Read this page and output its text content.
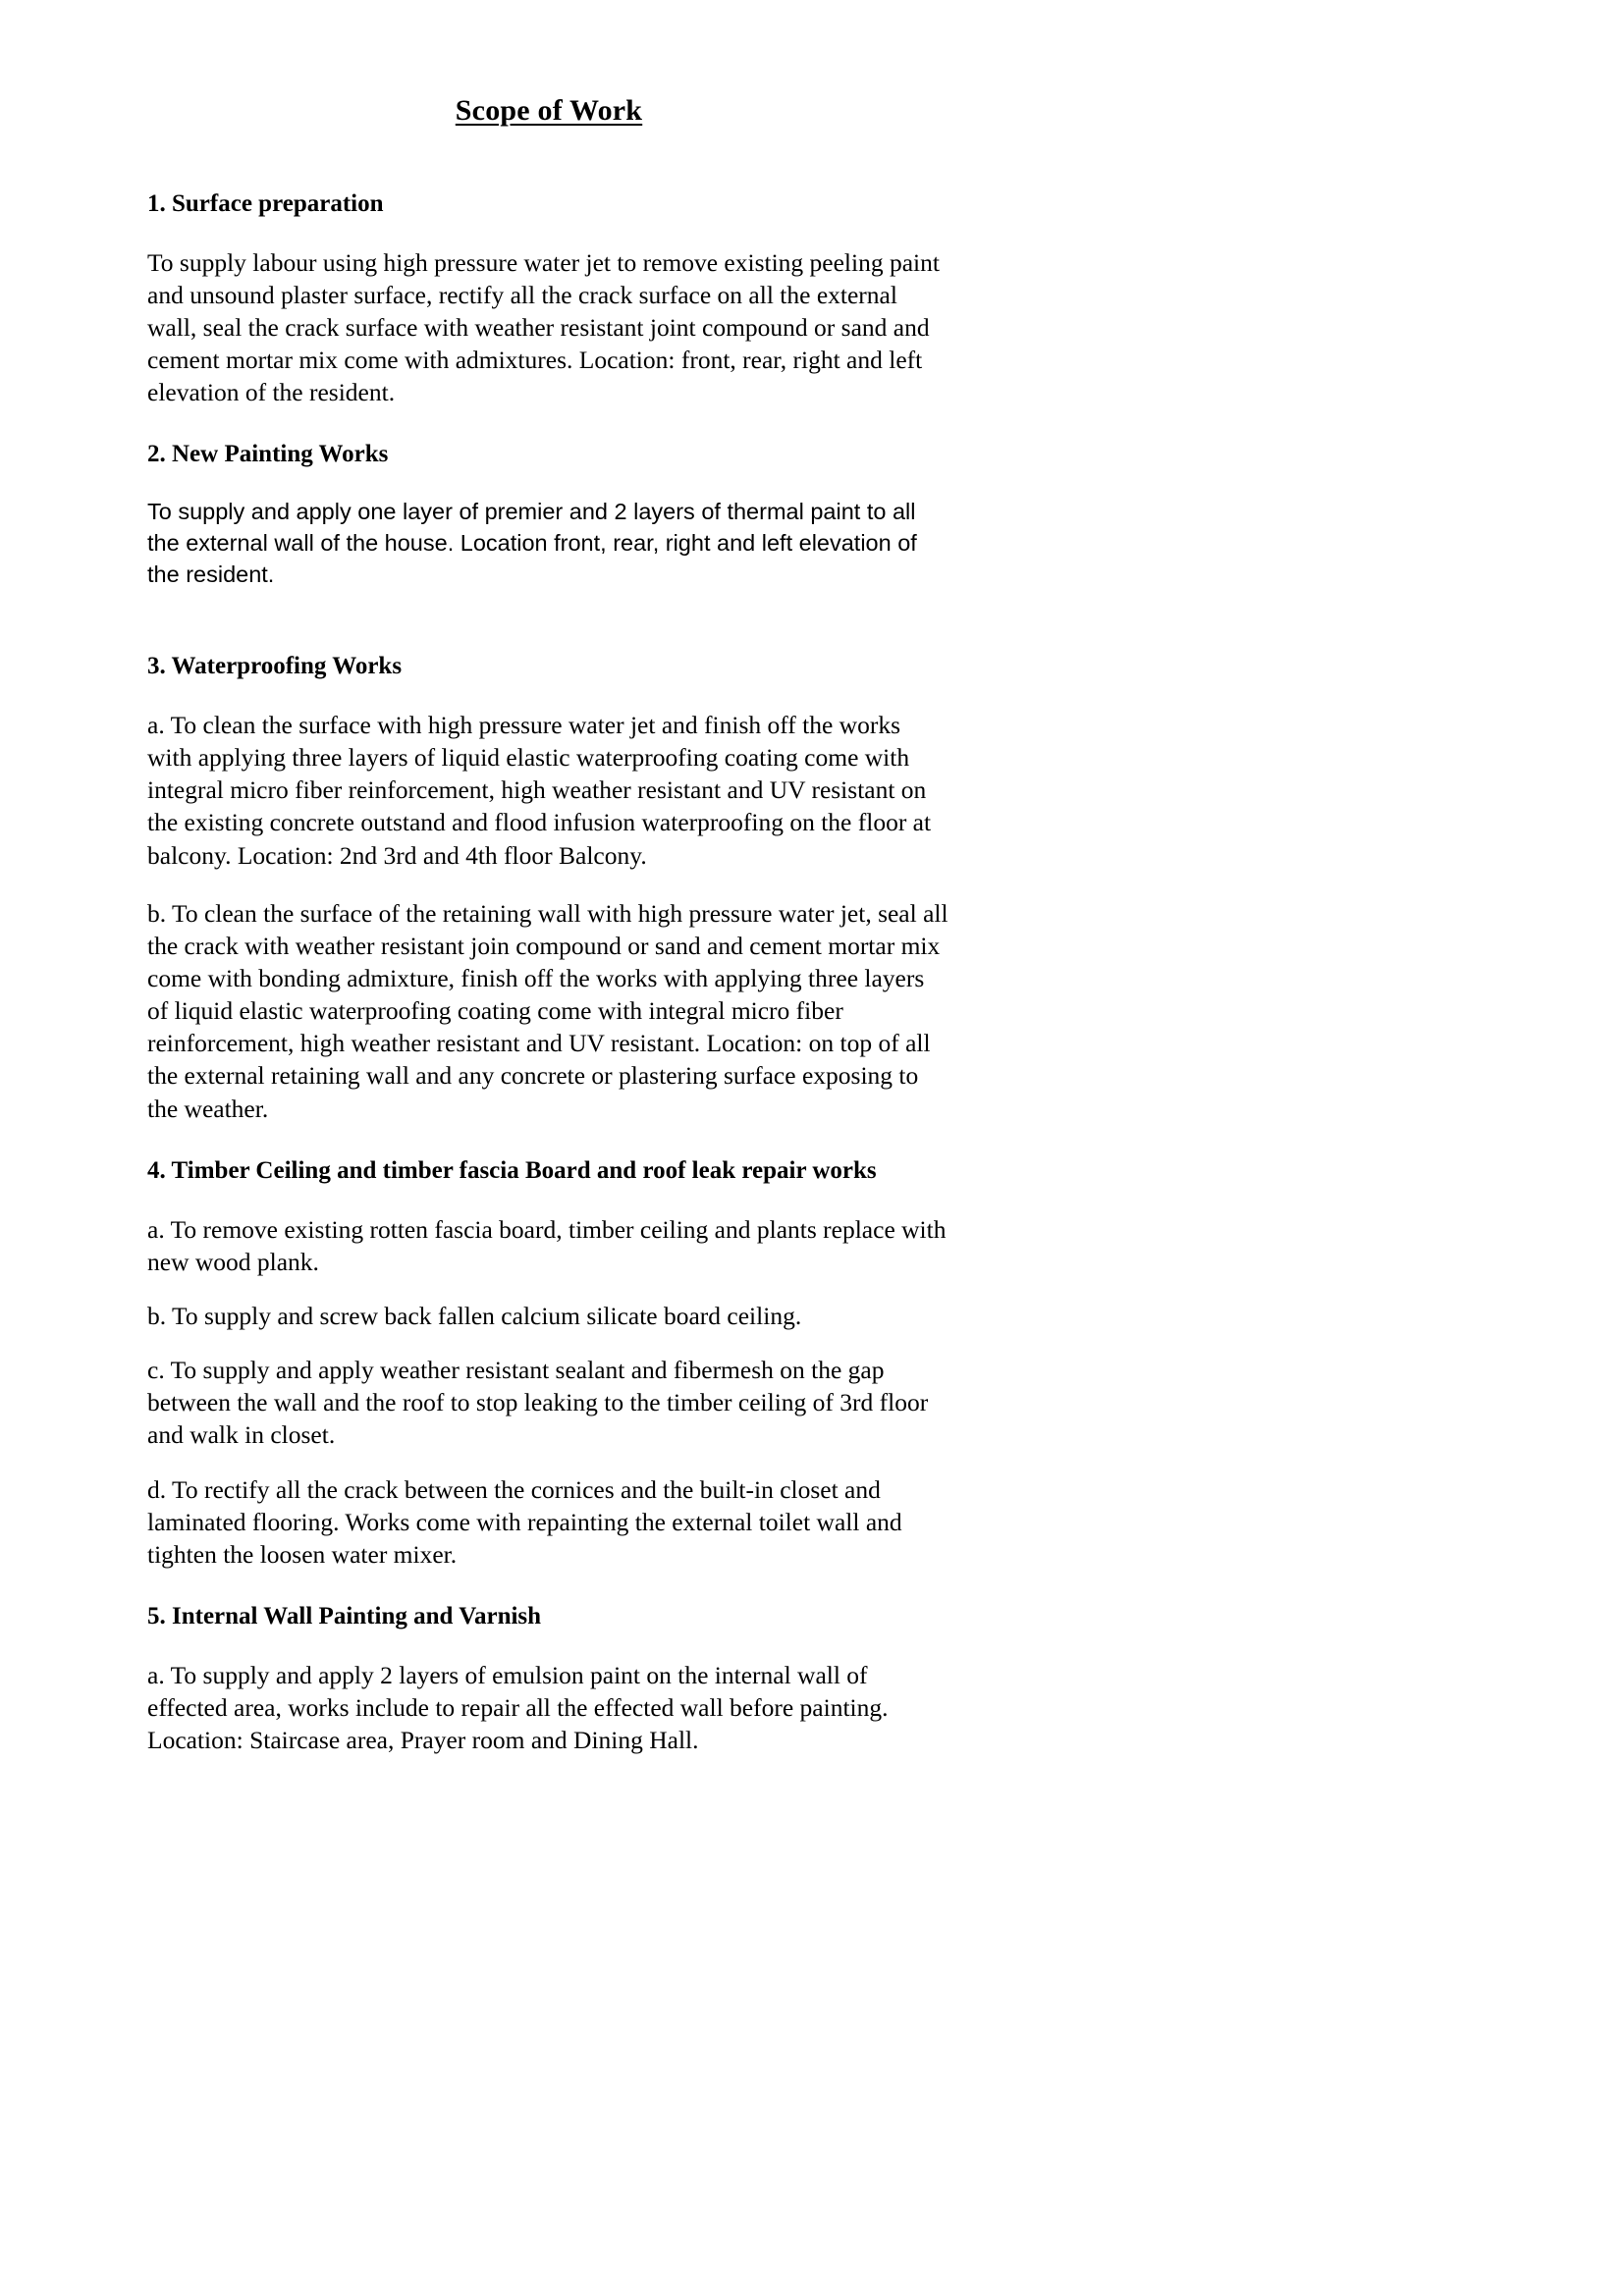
Scope of Work
1. Surface preparation
To supply labour using high pressure water jet to remove existing peeling paint and unsound plaster surface, rectify all the crack surface on all the external wall, seal the crack surface with weather resistant joint compound or sand and cement mortar mix come with admixtures. Location: front, rear, right and left elevation of the resident.
2. New Painting Works
To supply and apply one layer of premier and 2 layers of thermal paint to all the external wall of the house. Location front, rear, right and left elevation of the resident.
3. Waterproofing Works
a. To clean the surface with high pressure water jet and finish off the works with applying three layers of liquid elastic waterproofing coating come with integral micro fiber reinforcement, high weather resistant and UV resistant on the existing concrete outstand and flood infusion waterproofing on the floor at balcony. Location: 2nd 3rd and 4th floor Balcony.
b. To clean the surface of the retaining wall with high pressure water jet, seal all the crack with weather resistant join compound or sand and cement mortar mix come with bonding admixture, finish off the works with applying three layers of liquid elastic waterproofing coating come with integral micro fiber reinforcement, high weather resistant and UV resistant. Location: on top of all the external retaining wall and any concrete or plastering surface exposing to the weather.
4. Timber Ceiling and timber fascia Board and roof leak repair works
a. To remove existing rotten fascia board, timber ceiling and plants replace with new wood plank.
b. To supply and screw back fallen calcium silicate board ceiling.
c. To supply and apply weather resistant sealant and fibermesh on the gap between the wall and the roof to stop leaking to the timber ceiling of 3rd floor and walk in closet.
d. To rectify all the crack between the cornices and the built-in closet and laminated flooring. Works come with repainting the external toilet wall and tighten the loosen water mixer.
5. Internal Wall Painting and Varnish
a. To supply and apply 2 layers of emulsion paint on the internal wall of effected area, works include to repair all the effected wall before painting. Location: Staircase area, Prayer room and Dining Hall.
